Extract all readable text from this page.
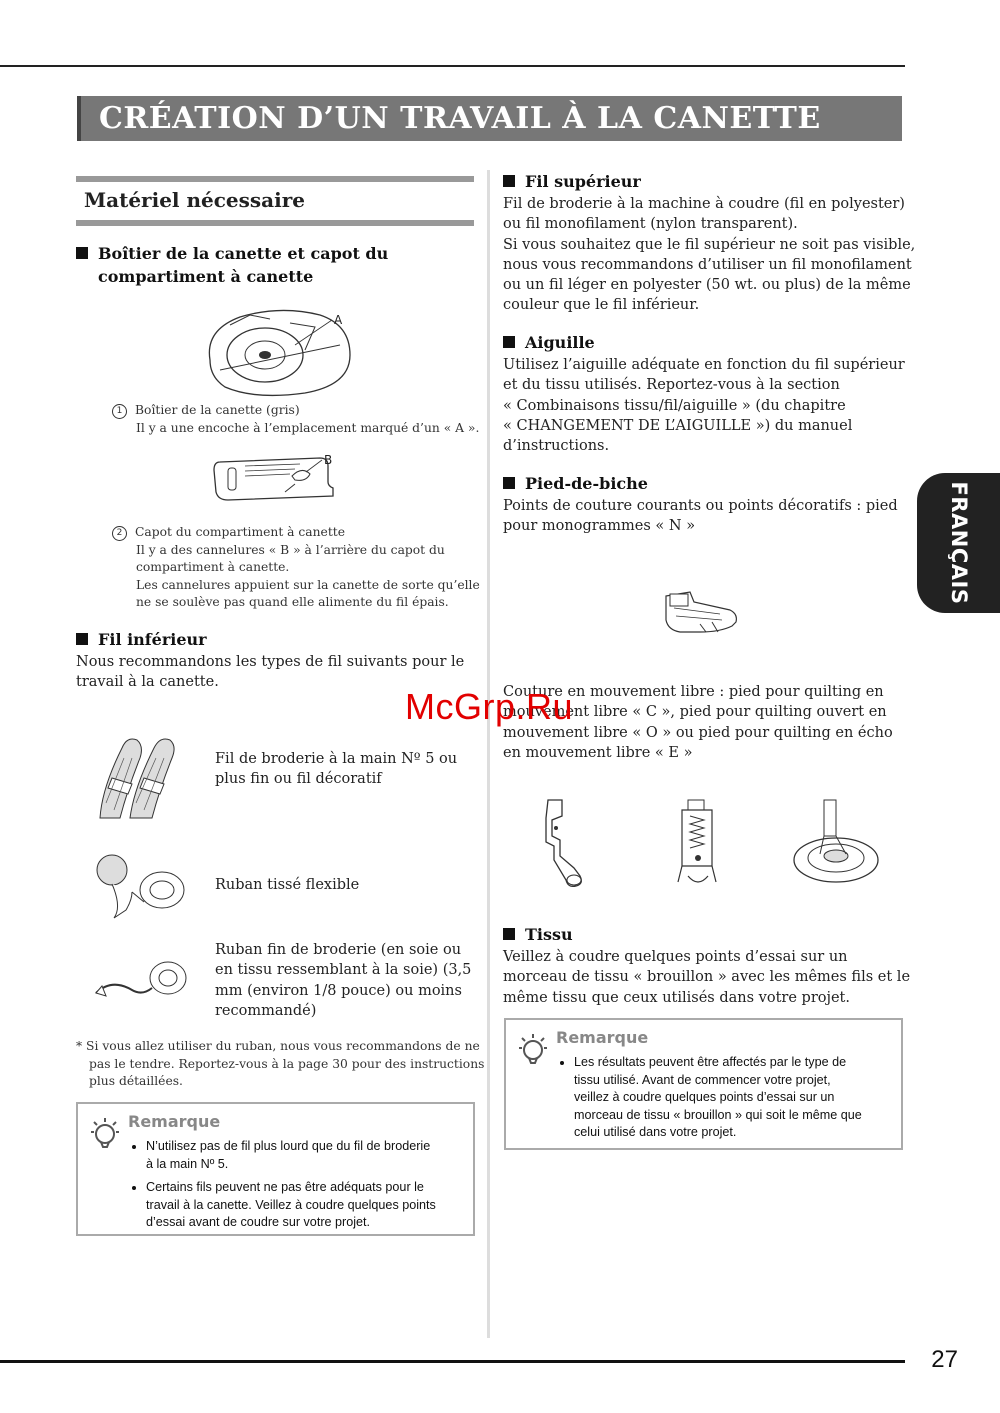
CRÉATION D’UN TRAVAIL À LA CANETTE
Matériel nécessaire
Boîtier de la canette et capot du
compartiment à canette
A
1 Boîtier de la canette (gris)
Il y a une encoche à l’emplacement marqué d’un « A ».
B
2 Capot du compartiment à canette
Il y a des cannelures « B » à l’arrière du capot du
compartiment à canette.
Les cannelures appuient sur la canette de sorte qu’elle
ne se soulève pas quand elle alimente du fil épais.
Fil inférieur
Nous recommandons les types de fil suivants pour le
travail à la canette.
Fil de broderie à la main Nº 5 ou
plus fin ou fil décoratif
Ruban tissé flexible
Ruban fin de broderie (en soie ou
en tissu ressemblant à la soie) (3,5
mm (environ 1/8 pouce) ou moins
recommandé)
* Si vous allez utiliser du ruban, nous vous recommandons de ne
pas le tendre. Reportez-vous à la page 30 pour des instructions
plus détaillées.
Remarque
• N’utilisez pas de fil plus lourd que du fil de broderie
à la main Nº 5.
• Certains fils peuvent ne pas être adéquats pour le
travail à la canette. Veillez à coudre quelques points
d’essai avant de coudre sur votre projet.
Fil supérieur
Fil de broderie à la machine à coudre (fil en polyester)
ou fil monofilament (nylon transparent).
Si vous souhaitez que le fil supérieur ne soit pas visible,
nous vous recommandons d’utiliser un fil monofilament
ou un fil léger en polyester (50 wt. ou plus) de la même
couleur que le fil inférieur.
Aiguille
Utilisez l’aiguille adéquate en fonction du fil supérieur
et du tissu utilisés. Reportez-vous à la section
« Combinaisons tissu/fil/aiguille » (du chapitre
« CHANGEMENT DE L’AIGUILLE ») du manuel
d’instructions.
Pied-de-biche
Points de couture courants ou points décoratifs : pied
pour monogrammes « N »
Couture en mouvement libre : pied pour quilting en
mouvement libre « C », pied pour quilting ouvert en
mouvement libre « O » ou pied pour quilting en écho
en mouvement libre « E »
Tissu
Veillez à coudre quelques points d’essai sur un
morceau de tissu « brouillon » avec les mêmes fils et le
même tissu que ceux utilisés dans votre projet.
Remarque
• Les résultats peuvent être affectés par le type de
tissu utilisé. Avant de commencer votre projet,
veillez à coudre quelques points d’essai sur un
morceau de tissu « brouillon » qui soit le même que
celui utilisé dans votre projet.
FRANÇAIS
McGrp.Ru
27
